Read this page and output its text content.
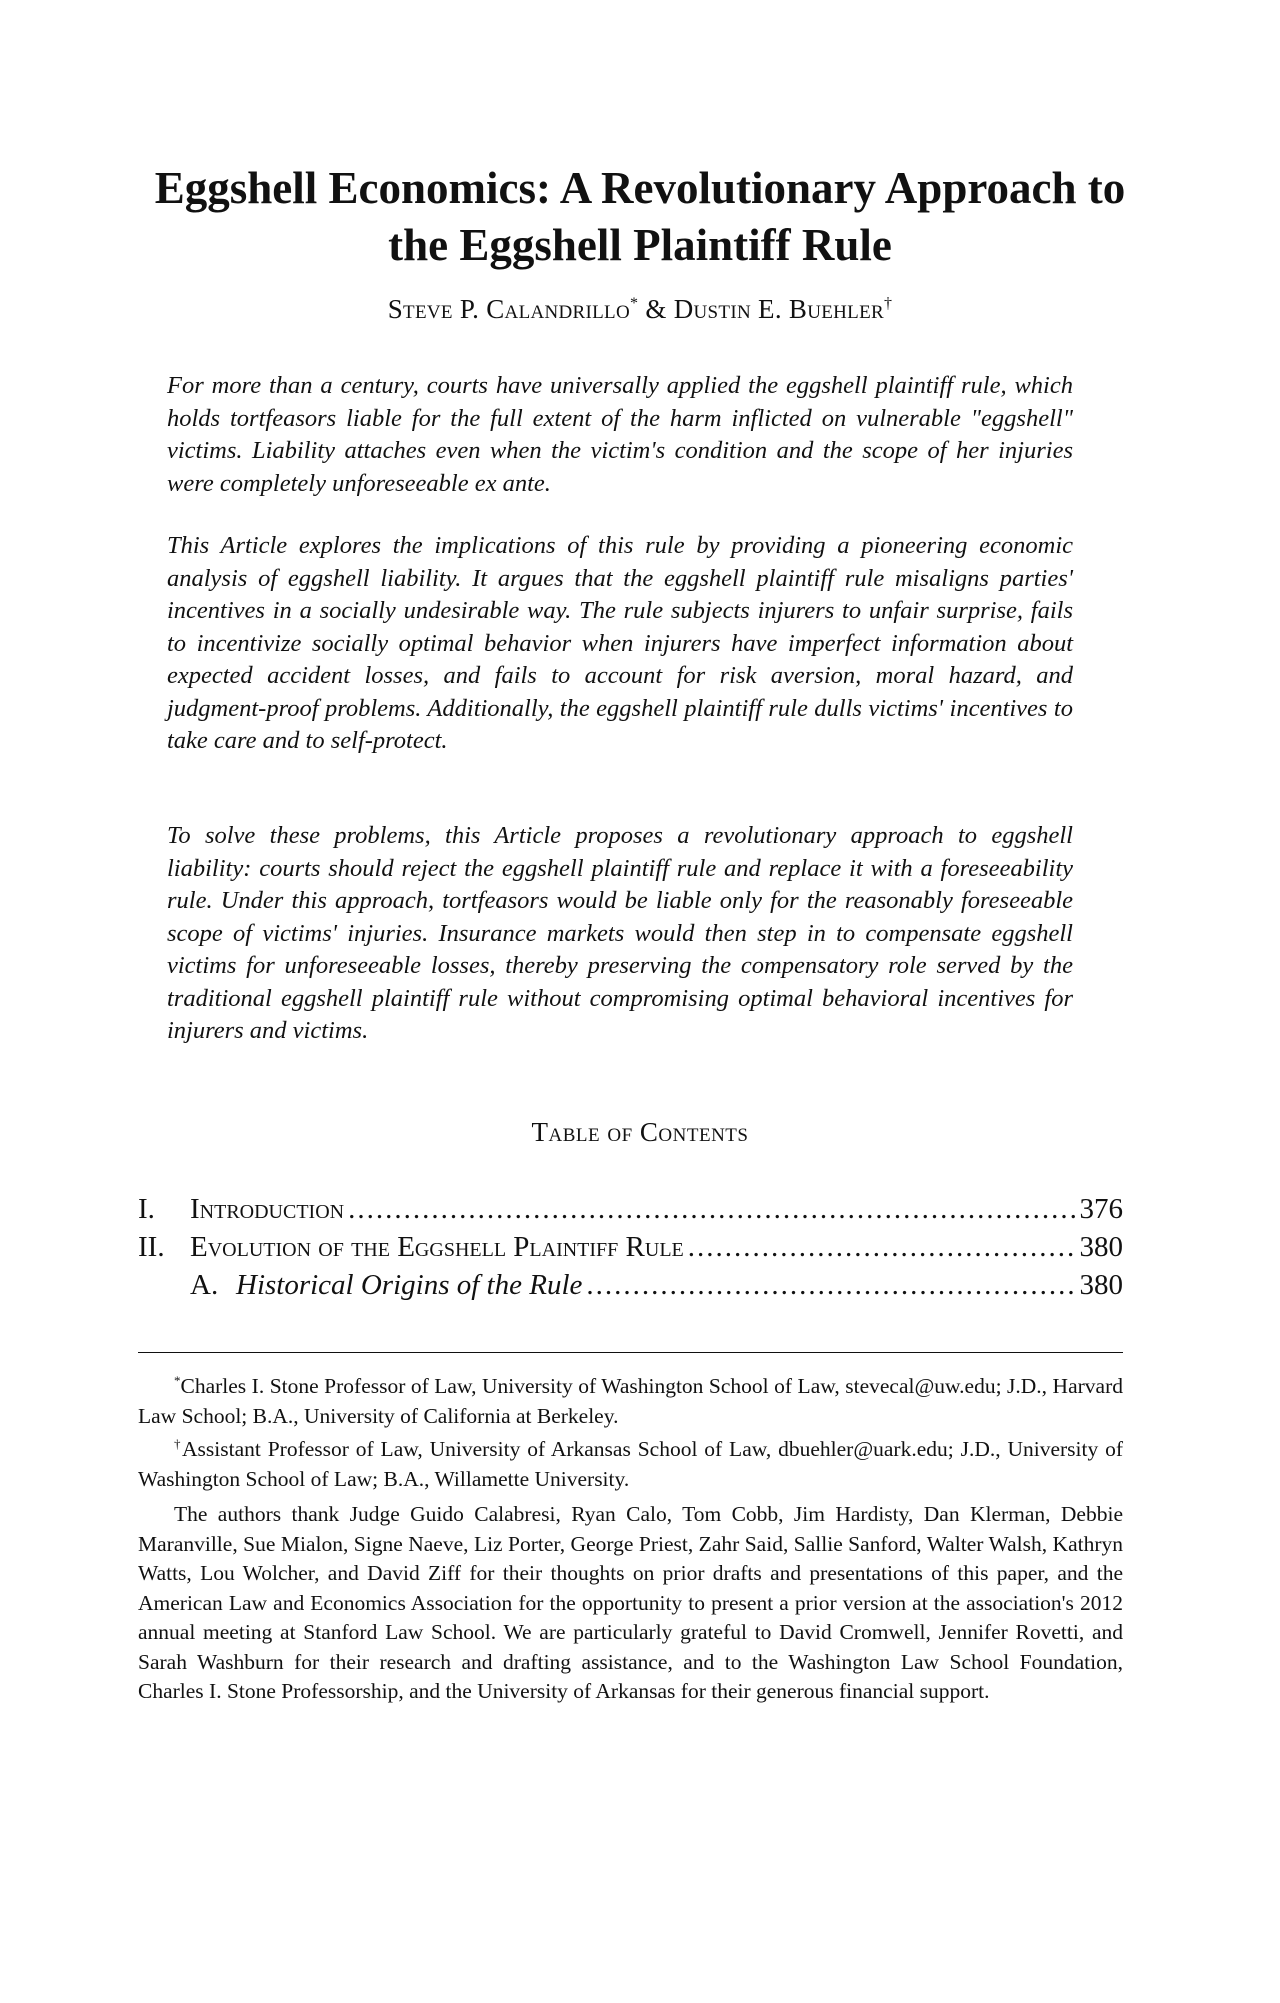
Eggshell Economics: A Revolutionary Approach to
the Eggshell Plaintiff Rule
Steve P. Calandrillo* & Dustin E. Buehler†

For more than a century, courts have universally applied the eggshell plaintiff rule, which holds tortfeasors liable for the full extent of the harm inflicted on vulnerable "eggshell" victims. Liability attaches even when the victim's condition and the scope of her injuries were completely unforeseeable ex ante.

This Article explores the implications of this rule by providing a pioneering economic analysis of eggshell liability. It argues that the eggshell plaintiff rule misaligns parties' incentives in a socially undesirable way. The rule subjects injurers to unfair surprise, fails to incentivize socially optimal behavior when injurers have imperfect information about expected accident losses, and fails to account for risk aversion, moral hazard, and judgment-proof problems. Additionally, the eggshell plaintiff rule dulls victims' incentives to take care and to self-protect.

To solve these problems, this Article proposes a revolutionary approach to eggshell liability: courts should reject the eggshell plaintiff rule and replace it with a foreseeability rule. Under this approach, tortfeasors would be liable only for the reasonably foreseeable scope of victims' injuries. Insurance markets would then step in to compensate eggshell victims for unforeseeable losses, thereby preserving the compensatory role served by the traditional eggshell plaintiff rule without compromising optimal behavioral incentives for injurers and victims.

Table of Contents
I.	Introduction .....	376
II. Evolution of the Eggshell Plaintiff Rule .....	380
A. Historical Origins of the Rule .....	380

*Charles I. Stone Professor of Law, University of Washington School of Law, stevecal@uw.edu; J.D., Harvard Law School; B.A., University of California at Berkeley.

†Assistant Professor of Law, University of Arkansas School of Law, dbuehler@uark.edu; J.D., University of Washington School of Law; B.A., Willamette University.

The authors thank Judge Guido Calabresi, Ryan Calo, Tom Cobb, Jim Hardisty, Dan Klerman, Debbie Maranville, Sue Mialon, Signe Naeve, Liz Porter, George Priest, Zahr Said, Sallie Sanford, Walter Walsh, Kathryn Watts, Lou Wolcher, and David Ziff for their thoughts on prior drafts and presentations of this paper, and the American Law and Economics Association for the opportunity to present a prior version at the association's 2012 annual meeting at Stanford Law School. We are particularly grateful to David Cromwell, Jennifer Rovetti, and Sarah Washburn for their research and drafting assistance, and to the Washington Law School Foundation, Charles I. Stone Professorship, and the University of Arkansas for their generous financial support.
